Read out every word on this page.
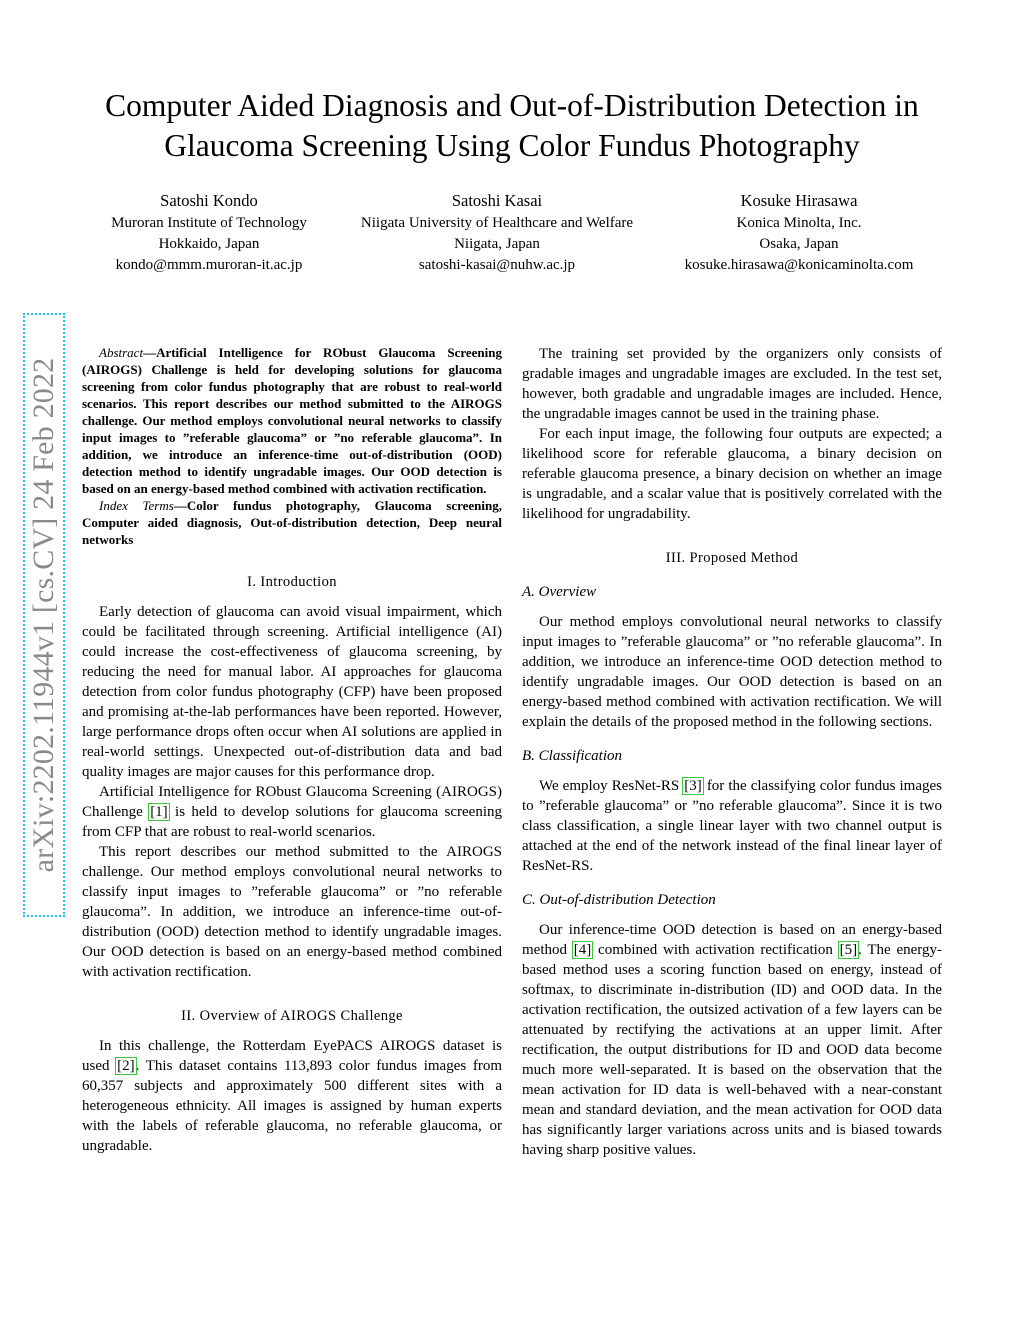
Computer Aided Diagnosis and Out-of-Distribution Detection in Glaucoma Screening Using Color Fundus Photography
Satoshi Kondo
Muroran Institute of Technology
Hokkaido, Japan
kondo@mmm.muroran-it.ac.jp
Satoshi Kasai
Niigata University of Healthcare and Welfare
Niigata, Japan
satoshi-kasai@nuhw.ac.jp
Kosuke Hirasawa
Konica Minolta, Inc.
Osaka, Japan
kosuke.hirasawa@konicaminolta.com
arXiv:2202.11944v1 [cs.CV] 24 Feb 2022

Abstract—Artificial Intelligence for RObust Glaucoma Screening (AIROGS) Challenge is held for developing solutions for glaucoma screening from color fundus photography that are robust to real-world scenarios. This report describes our method submitted to the AIROGS challenge. Our method employs convolutional neural networks to classify input images to ”referable glaucoma” or ”no referable glaucoma”. In addition, we introduce an inference-time out-of-distribution (OOD) detection method to identify ungradable images. Our OOD detection is based on an energy-based method combined with activation rectification.

Index Terms—Color fundus photography, Glaucoma screening, Computer aided diagnosis, Out-of-distribution detection, Deep neural networks

I. Introduction

Early detection of glaucoma can avoid visual impairment, which could be facilitated through screening. Artificial intelligence (AI) could increase the cost-effectiveness of glaucoma screening, by reducing the need for manual labor. AI approaches for glaucoma detection from color fundus photography (CFP) have been proposed and promising at-the-lab performances have been reported. However, large performance drops often occur when AI solutions are applied in real-world settings. Unexpected out-of-distribution data and bad quality images are major causes for this performance drop.

Artificial Intelligence for RObust Glaucoma Screening (AIROGS) Challenge [1] is held to develop solutions for glaucoma screening from CFP that are robust to real-world scenarios.

This report describes our method submitted to the AIROGS challenge. Our method employs convolutional neural networks to classify input images to ”referable glaucoma” or ”no referable glaucoma”. In addition, we introduce an inference-time out-of-distribution (OOD) detection method to identify ungradable images. Our OOD detection is based on an energy-based method combined with activation rectification.

II. Overview of AIROGS Challenge

In this challenge, the Rotterdam EyePACS AIROGS dataset is used [2]. This dataset contains 113,893 color fundus images from 60,357 subjects and approximately 500 different sites with a heterogeneous ethnicity. All images is assigned by human experts with the labels of referable glaucoma, no referable glaucoma, or ungradable.

The training set provided by the organizers only consists of gradable images and ungradable images are excluded. In the test set, however, both gradable and ungradable images are included. Hence, the ungradable images cannot be used in the training phase.

For each input image, the following four outputs are expected; a likelihood score for referable glaucoma, a binary decision on referable glaucoma presence, a binary decision on whether an image is ungradable, and a scalar value that is positively correlated with the likelihood for ungradability.

III. Proposed Method
A. Overview

Our method employs convolutional neural networks to classify input images to ”referable glaucoma” or ”no referable glaucoma”. In addition, we introduce an inference-time OOD detection method to identify ungradable images. Our OOD detection is based on an energy-based method combined with activation rectification. We will explain the details of the proposed method in the following sections.

B. Classification

We employ ResNet-RS [3] for the classifying color fundus images to ”referable glaucoma” or ”no referable glaucoma”. Since it is two class classification, a single linear layer with two channel output is attached at the end of the network instead of the final linear layer of ResNet-RS.

C. Out-of-distribution Detection

Our inference-time OOD detection is based on an energy-based method [4] combined with activation rectification [5]. The energy-based method uses a scoring function based on energy, instead of softmax, to discriminate in-distribution (ID) and OOD data. In the activation rectification, the outsized activation of a few layers can be attenuated by rectifying the activations at an upper limit. After rectification, the output distributions for ID and OOD data become much more well-separated. It is based on the observation that the mean activation for ID data is well-behaved with a near-constant mean and standard deviation, and the mean activation for OOD data has significantly larger variations across units and is biased towards having sharp positive values.
